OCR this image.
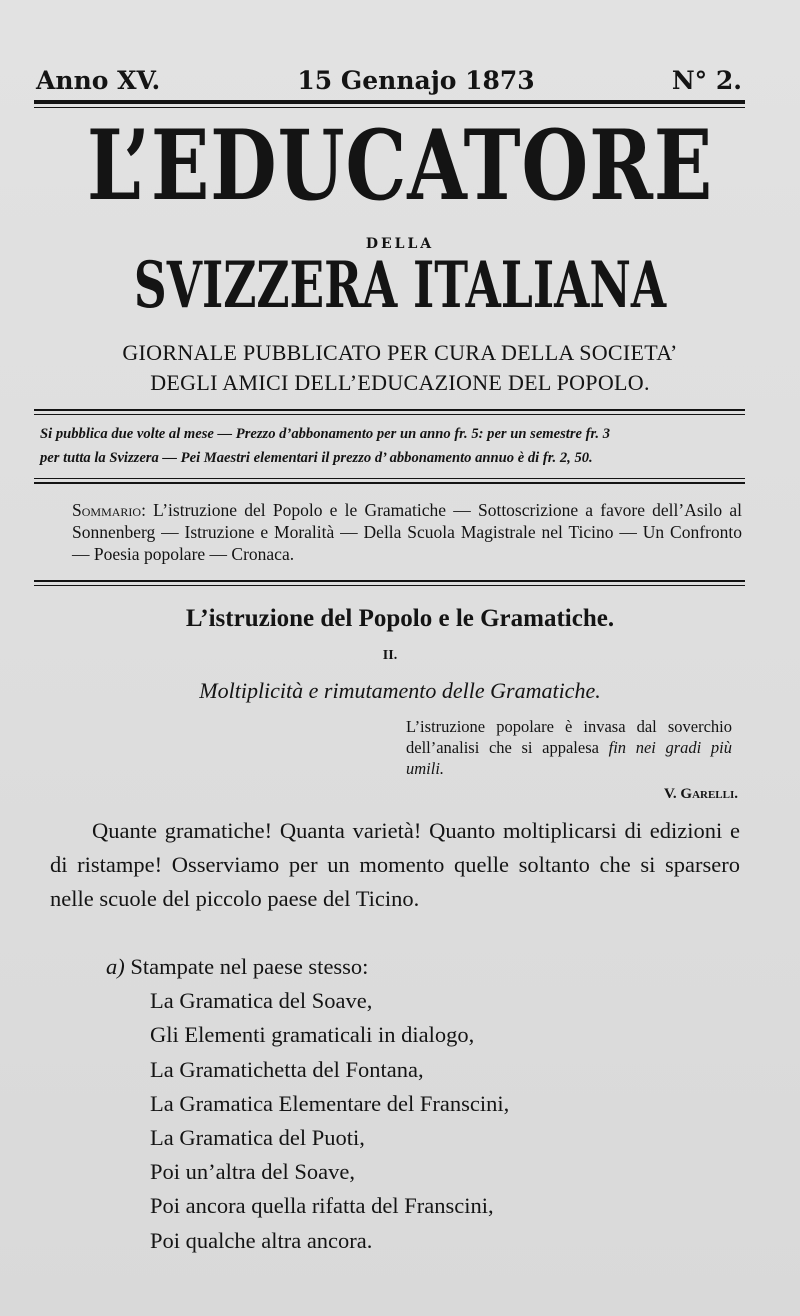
Anno XV.	15 Gennajo 1873	N° 2.
L’EDUCATORE
DELLA
SVIZZERA ITALIANA
GIORNALE PUBBLICATO PER CURA DELLA SOCIETA’
DEGLI AMICI DELL’EDUCAZIONE DEL POPOLO.
Si pubblica due volte al mese — Prezzo d’abbonamento per un anno fr. 5: per un semestre fr. 3
per tutta la Svizzera — Pei Maestri elementari il prezzo d’ abbonamento annuo è di fr. 2, 50.
Sommario: L’istruzione del Popolo e le Gramatiche — Sottoscrizione a favore dell’Asilo al Sonnenberg — Istruzione e Moralità — Della Scuola Magistrale nel Ticino — Un Confronto — Poesia popolare — Cronaca.
L’istruzione del Popolo e le Gramatiche.
II.
Moltiplicità e rimutamento delle Gramatiche.
L’istruzione popolare è invasa dal soverchio dell’analisi che si appalesa fin nei gradi più umili.
V. Garelli.

Quante gramatiche! Quanta varietà! Quanto moltiplicarsi di edizioni e di ristampe! Osserviamo per un momento quelle soltanto che si sparsero nelle scuole del piccolo paese del Ticino.

a) Stampate nel paese stesso:
La Gramatica del Soave,
Gli Elementi gramaticali in dialogo,
La Gramatichetta del Fontana,
La Gramatica Elementare del Franscini,
La Gramatica del Puoti,
Poi un’altra del Soave,
Poi ancora quella rifatta del Franscini,
Poi qualche altra ancora.
